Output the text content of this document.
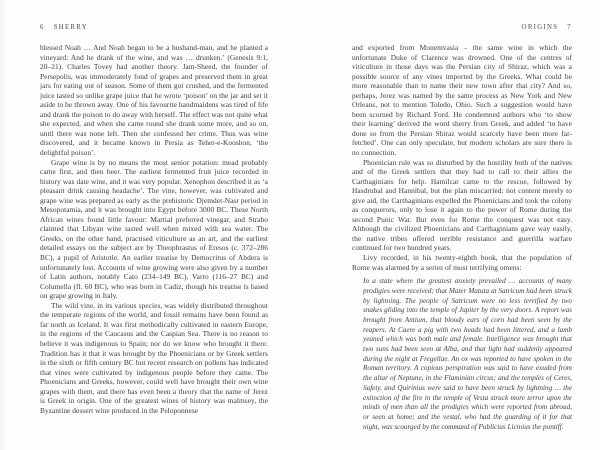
6 SHERRY

blessed Noah … And Noah began to be a husband-man, and he planted a vineyard: And he drank of the wine, and was … drunken.’ (Genesis 9:1, 20–21). Charles Tovey had another theory. Jam-Sheed, the founder of Persepolis, was immoderately fond of grapes and preserved them in great jars for eating out of season. Some of them got crushed, and the fermented juice tasted so unlike grape juice that he wrote ‘poison’ on the jar and set it aside to be thrown away. One of his favourite handmaidens was tired of life and drank the poison to do away with herself. The effect was not quite what she expected, and when she came round she drank some more, and so on, until there was none left. Then she confessed her crime. Thus was wine discovered, and it became known in Persia as Teher-e-Kooshon, ‘the delightful poison’.

Grape wine is by no means the most senior potation: mead probably came first, and then beer. The earliest fermented fruit juice recorded in history was date wine, and it was very popular. Xenophon described it as ‘a pleasant drink causing headache’. The vine, however, was cultivated and grape wine was prepared as early as the prehistoric Djemdet-Nasr period in Mesopotamia, and it was brought into Egypt before 3000 BC. These North African wines found little favour: Martial preferred vinegar, and Strabo claimed that Libyan wine tasted well when mixed with sea water. The Greeks, on the other hand, practised viticulture as an art, and the earliest detailed essays on the subject are by Theophrastus of Eresos (c. 372–286 BC), a pupil of Aristotle. An earlier treatise by Democritus of Abdera is unfortunately lost. Accounts of wine growing were also given by a number of Latin authors, notably Cato (234–149 BC), Varro (116–27 BC) and Columella (fl. 60 BC), who was born in Cadiz, though his treatise is based on grape growing in Italy.

The wild vine, in its various species, was widely distributed throughout the temperate regions of the world, and fossil remains have been found as far north as Iceland. It was first methodically cultivated in eastern Europe, in the regions of the Caucasus and the Caspian Sea. There is no reason to believe it was indigenous to Spain; nor do we know who brought it there. Tradition has it that it was brought by the Phoenicians or by Greek settlers in the sixth or fifth century BC but recent research on pollens has indicated that vines were cultivated by indigenous people before they came. The Phoenicians and Greeks, however, could well have brought their own wine grapes with them, and there has even been a theory that the name of Jerez is Greek in origin. One of the greatest wines of history was malmsey, the Byzantine dessert wine produced in the Peloponnese

ORIGINS 7

and exported from Monemvasia – the same wine in which the unfortunate Duke of Clarence was drowned. One of the centres of viticulture in those days was the Persian city of Shiraz, which was a possible source of any vines imported by the Greeks. What could be more reasonable than to name their new town after that city? And so, perhaps, Jerez was named by the same process as New York and New Orleans, not to mention Toledo, Ohio. Such a suggestion would have been scorned by Richard Ford. He condemned authors who ‘to show their learning’ derived the word sherry from Greek, and added ‘to have done so from the Persian Shiraz would scarcely have been more far-fetched’. One can only speculate, but modern scholars are sure there is no connection.

Phoenician rule was so disturbed by the hostility both of the natives and of the Greek settlers that they had to call to their allies the Carthaginians for help. Hamilcar came to the rescue, followed by Hasdrubal and Hannibal, but the plan miscarried: not content merely to give aid, the Carthaginians expelled the Phoenicians and took the colony as conquerors, only to lose it again to the power of Rome during the second Punic War. But even for Rome the conquest was not easy. Although the civilized Phoenicians and Carthaginians gave way easily, the native tribes offered terrible resistance and guerrilla warfare continued for two hundred years.

Livy recorded, in his twenty-eighth book, that the population of Rome was alarmed by a series of most terrifying omens:

In a state where the greatest anxiety prevailed … accounts of many prodigies were received; that Mater Matuta at Satricum had been struck by lightning. The people of Satricum were no less terrified by two snakes gliding into the temple of Jupiter by the very doors. A report was brought from Antium, that bloody ears of corn had been seen by the reapers. At Caere a pig with two heads had been littered, and a lamb yeaned which was both male and female. Intelligence was brought that two suns had been seen at Alba, and that light had suddenly appeared during the night at Fregellae. An ox was reported to have spoken in the Roman territory. A copious perspiration was said to have exuded from the altar of Neptune, in the Flaminian circus; and the temples of Ceres, Safety, and Quirinius were said to have been struck by lightning … the extinction of the fire in the temple of Vesta struck more terror upon the minds of men than all the prodigies which were reported from abroad, or seen at home; and the vestal, who had the guarding of it for that night, was scourged by the command of Publicius Licinius the pontiff.
